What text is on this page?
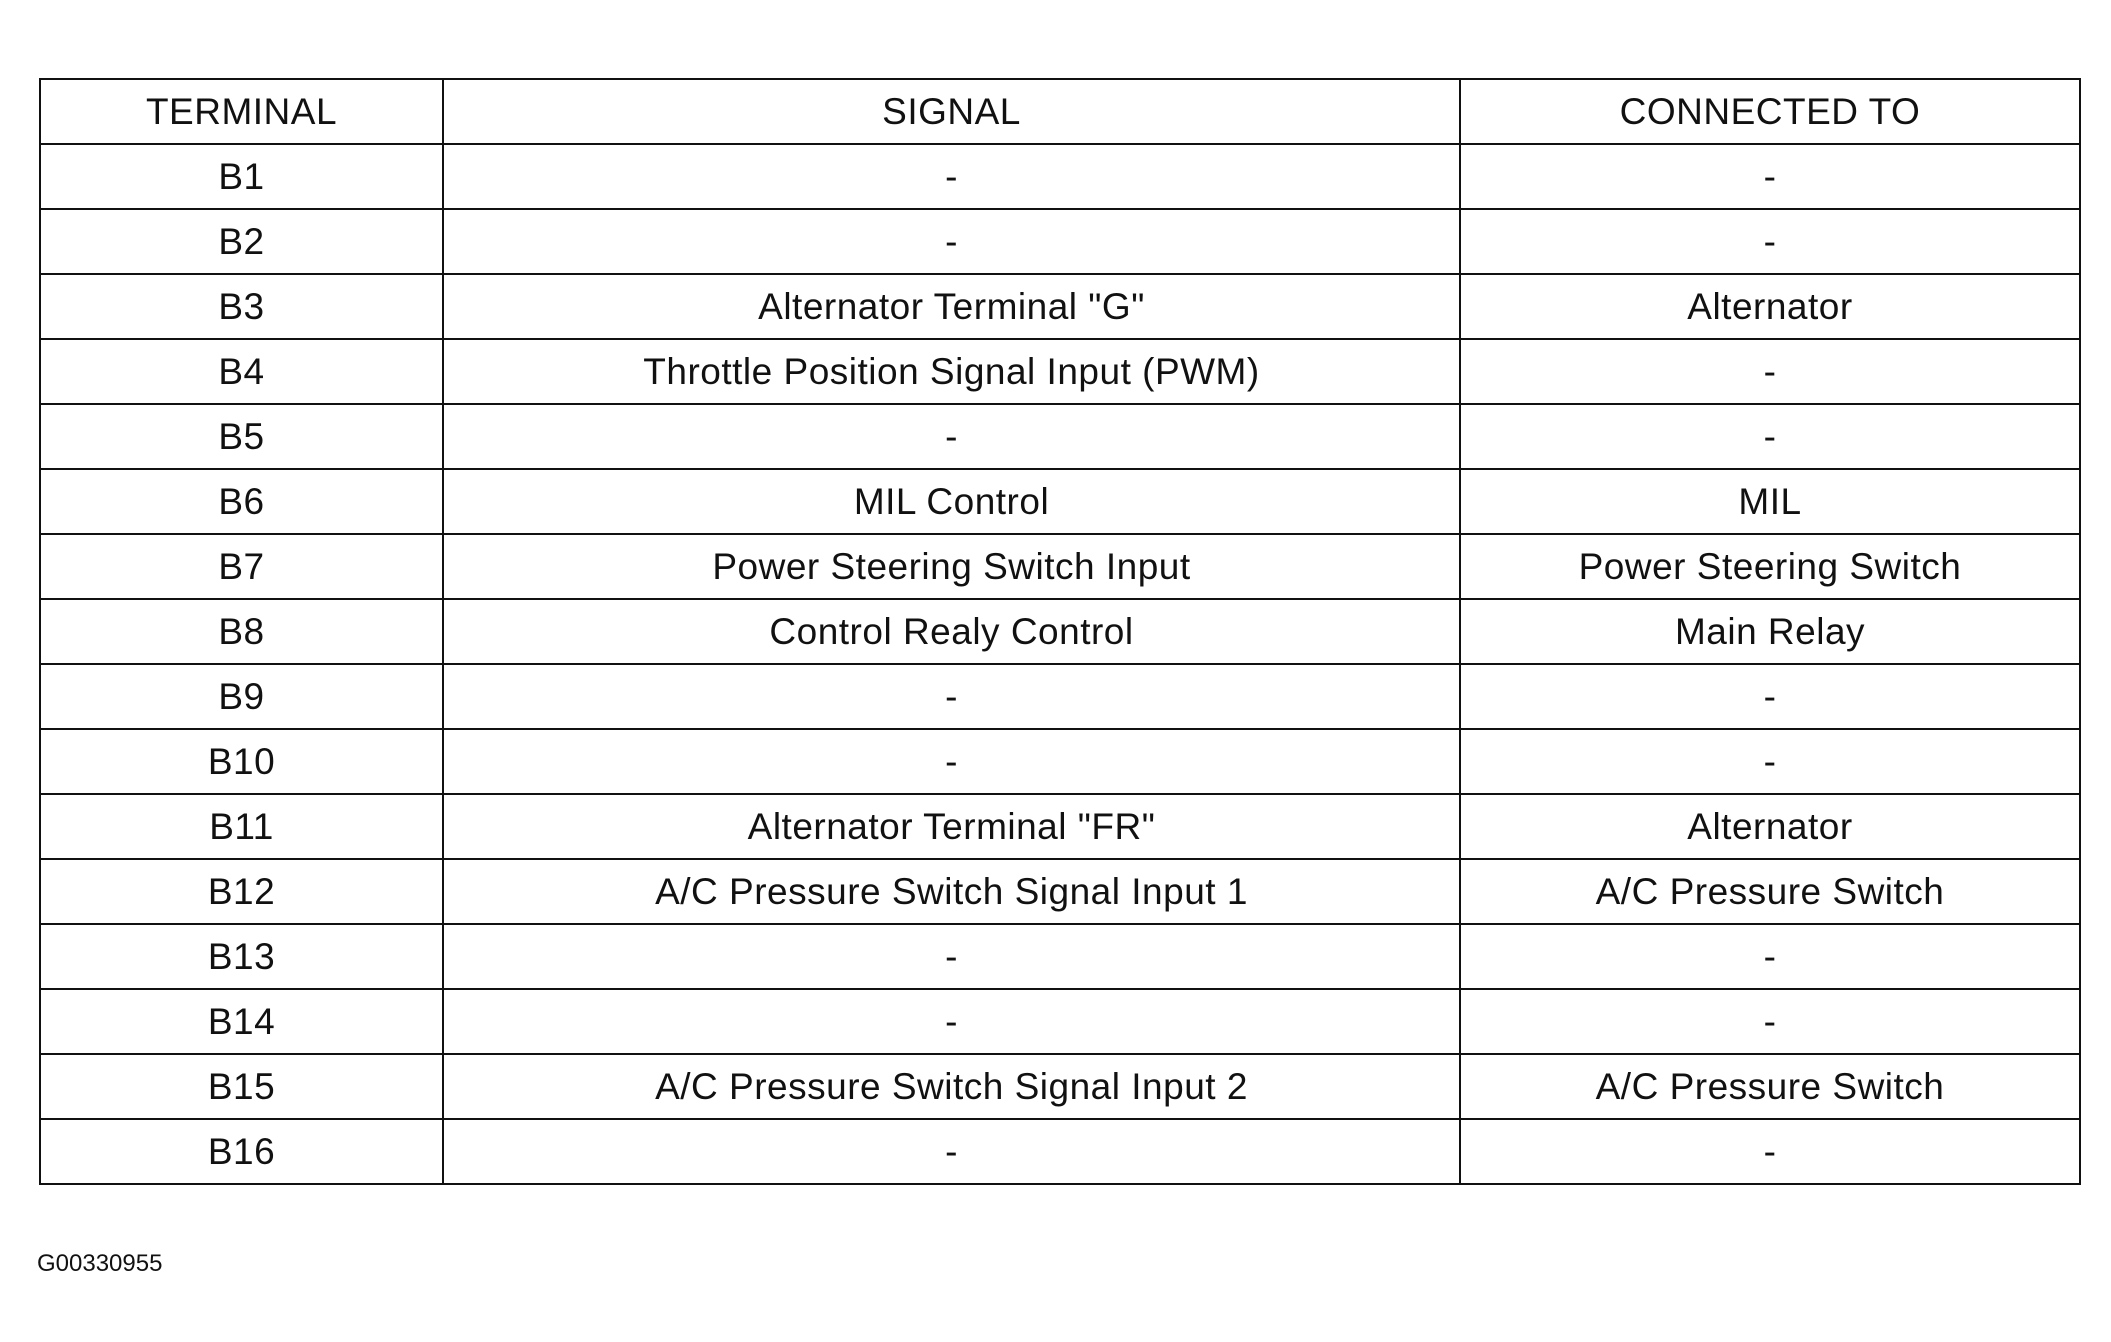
TERMINAL	SIGNAL	CONNECTED TO
B1	-	-
B2	-	-
B3	Alternator Terminal "G"	Alternator
B4	Throttle Position Signal Input (PWM)	-
B5	-	-
B6	MIL Control	MIL
B7	Power Steering Switch Input	Power Steering Switch
B8	Control Realy Control	Main Relay
B9	-	-
B10	-	-
B11	Alternator Terminal "FR"	Alternator
B12	A/C Pressure Switch Signal Input 1	A/C Pressure Switch
B13	-	-
B14	-	-
B15	A/C Pressure Switch Signal Input 2	A/C Pressure Switch
B16	-	-
G00330955
